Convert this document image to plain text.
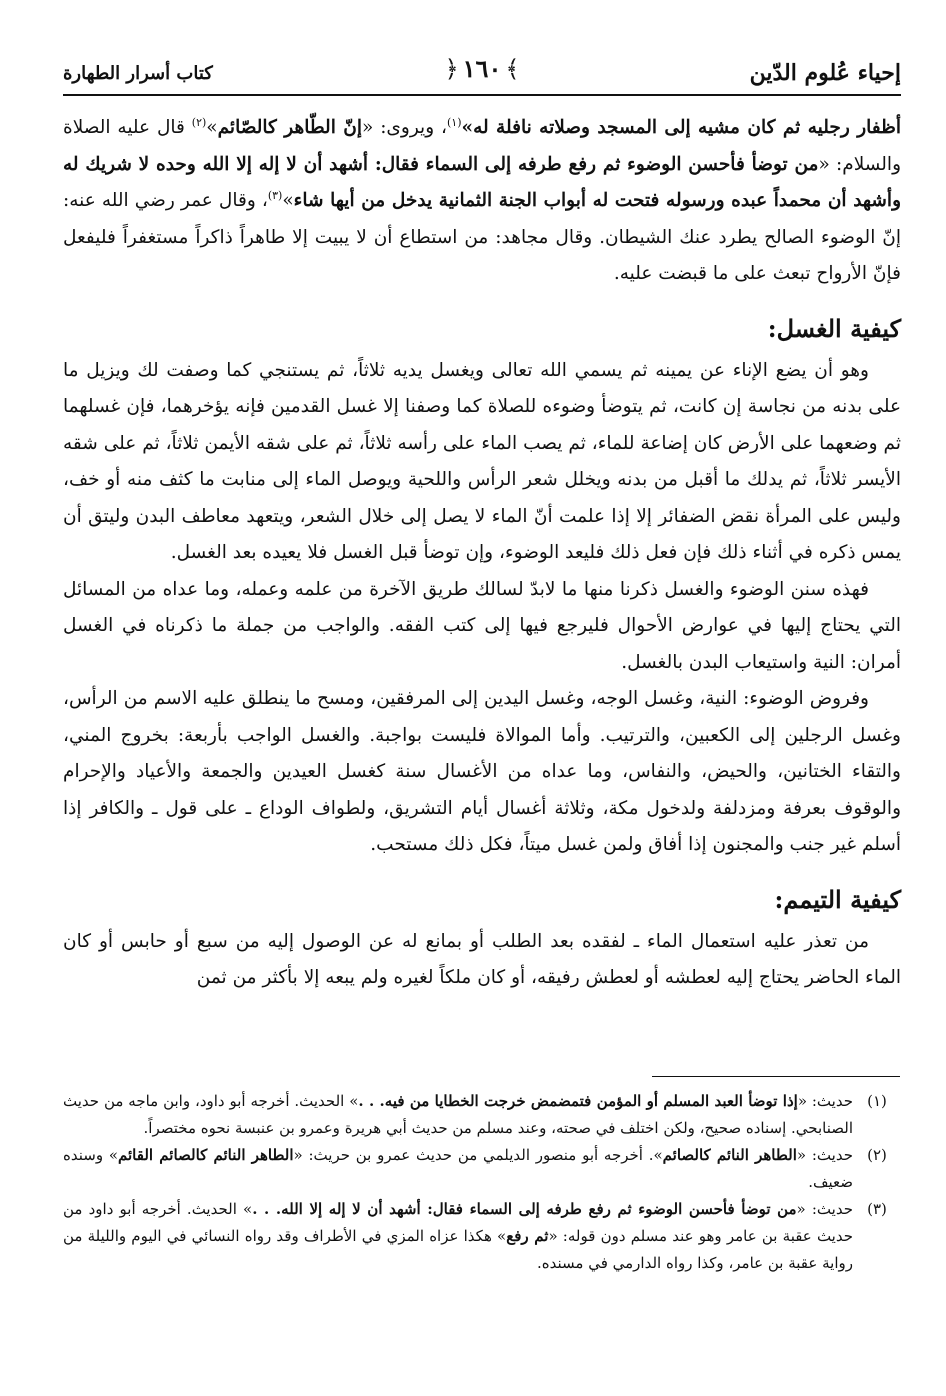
إحياء عُلوم الدّين
﴾
١٦٠
﴿
كتاب أسرار الطهارة

أظفار رجليه ثم كان مشيه إلى المسجد وصلاته نافلة له»$^{(١)}$، ويروى: «إنّ الطّاهر كالصّائم»$^{(٢)}$ قال عليه الصلاة والسلام: «من توضأ فأحسن الوضوء ثم رفع طرفه إلى السماء فقال: أشهد أن لا إله إلا الله وحده لا شريك له وأشهد أن محمداً عبده ورسوله فتحت له أبواب الجنة الثمانية يدخل من أيها شاء»$^{(٣)}$، وقال عمر رضي الله عنه: إنّ الوضوء الصالح يطرد عنك الشيطان. وقال مجاهد: من استطاع أن لا يبيت إلا طاهراً ذاكراً مستغفراً فليفعل فإنّ الأرواح تبعث على ما قبضت عليه.

كيفية الغسل:

وهو أن يضع الإناء عن يمينه ثم يسمي الله تعالى ويغسل يديه ثلاثاً، ثم يستنجي كما وصفت لك ويزيل ما على بدنه من نجاسة إن كانت، ثم يتوضأ وضوءه للصلاة كما وصفنا إلا غسل القدمين فإنه يؤخرهما، فإن غسلهما ثم وضعهما على الأرض كان إضاعة للماء، ثم يصب الماء على رأسه ثلاثاً، ثم على شقه الأيمن ثلاثاً، ثم على شقه الأيسر ثلاثاً، ثم يدلك ما أقبل من بدنه ويخلل شعر الرأس واللحية ويوصل الماء إلى منابت ما كثف منه أو خف، وليس على المرأة نقض الضفائر إلا إذا علمت أنّ الماء لا يصل إلى خلال الشعر، ويتعهد معاطف البدن وليتق أن يمس ذكره في أثناء ذلك فإن فعل ذلك فليعد الوضوء، وإن توضأ قبل الغسل فلا يعيده بعد الغسل.

فهذه سنن الوضوء والغسل ذكرنا منها ما لابدّ لسالك طريق الآخرة من علمه وعمله، وما عداه من المسائل التي يحتاج إليها في عوارض الأحوال فليرجع فيها إلى كتب الفقه. والواجب من جملة ما ذكرناه في الغسل أمران: النية واستيعاب البدن بالغسل.

وفروض الوضوء: النية، وغسل الوجه، وغسل اليدين إلى المرفقين، ومسح ما ينطلق عليه الاسم من الرأس، وغسل الرجلين إلى الكعبين، والترتيب. وأما الموالاة فليست بواجبة. والغسل الواجب بأربعة: بخروج المني، والتقاء الختانين، والحيض، والنفاس، وما عداه من الأغسال سنة كغسل العيدين والجمعة والأعياد والإحرام والوقوف بعرفة ومزدلفة ولدخول مكة، وثلاثة أغسال أيام التشريق، ولطواف الوداع ـ على قول ـ والكافر إذا أسلم غير جنب والمجنون إذا أفاق ولمن غسل ميتاً، فكل ذلك مستحب.

كيفية التيمم:

من تعذر عليه استعمال الماء ـ لفقده بعد الطلب أو بمانع له عن الوصول إليه من سبع أو حابس أو كان الماء الحاضر يحتاج إليه لعطشه أو لعطش رفيقه، أو كان ملكاً لغيره ولم يبعه إلا بأكثر من ثمن

(١)
حديث: «إذا توضأ العبد المسلم أو المؤمن فتمضمض خرجت الخطايا من فيه. . .» الحديث. أخرجه أبو داود، وابن ماجه من حديث الصنابحي. إسناده صحيح، ولكن اختلف في صحته، وعند مسلم من حديث أبي هريرة وعمرو بن عنبسة نحوه مختصراً.
(٢)
حديث: «الطاهر النائم كالصائم». أخرجه أبو منصور الديلمي من حديث عمرو بن حريث: «الطاهر النائم كالصائم القائم» وسنده ضعيف.
(٣)
حديث: «من توضأ فأحسن الوضوء ثم رفع طرفه إلى السماء فقال: أشهد أن لا إله إلا الله. . .» الحديث. أخرجه أبو داود من حديث عقبة بن عامر وهو عند مسلم دون قوله: «ثم رفع» هكذا عزاه المزي في الأطراف وقد رواه النسائي في اليوم والليلة من رواية عقبة بن عامر، وكذا رواه الدارمي في مسنده.
